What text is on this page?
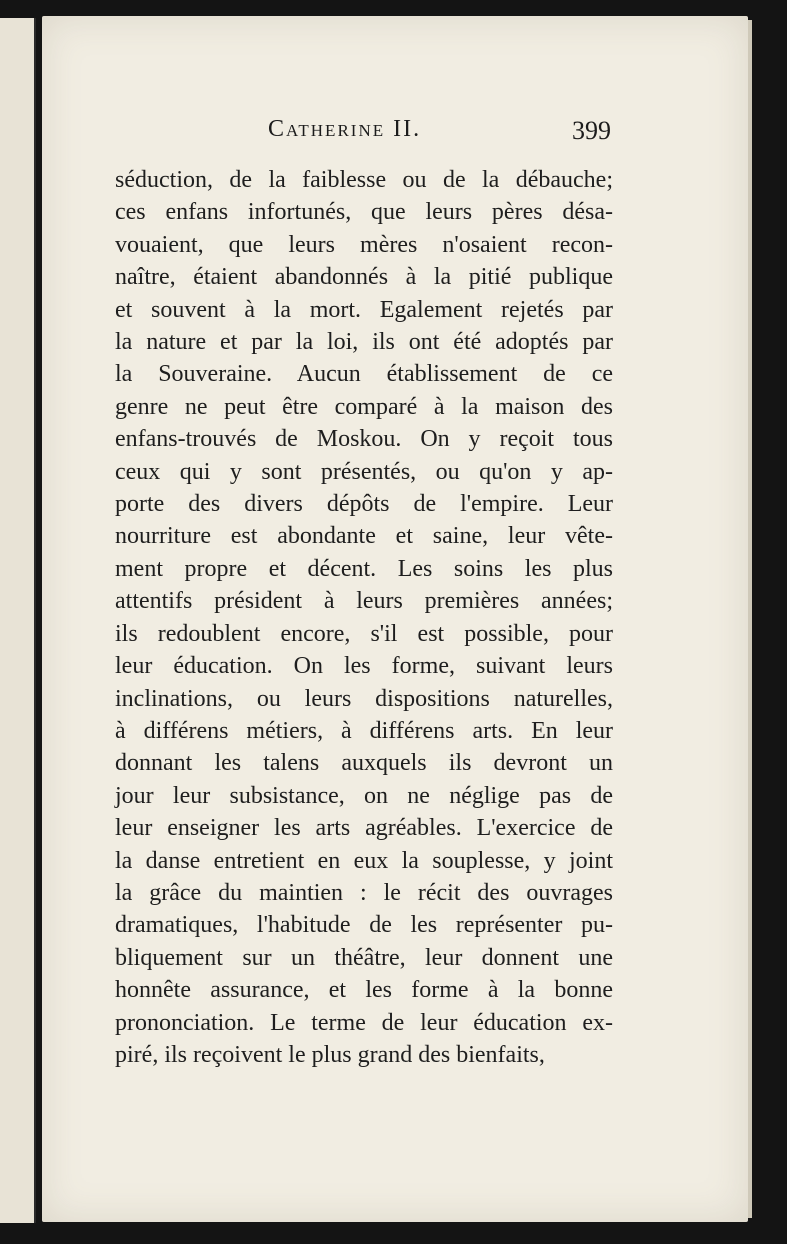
Catherine II.	399
séduction, de la faiblesse ou de la débauche;
ces enfans infortunés, que leurs pères désa-
vouaient, que leurs mères n'osaient recon-
naître, étaient abandonnés à la pitié publique
et souvent à la mort. Egalement rejetés par
la nature et par la loi, ils ont été adoptés par
la Souveraine. Aucun établissement de ce
genre ne peut être comparé à la maison des
enfans-trouvés de Moskou. On y reçoit tous
ceux qui y sont présentés, ou qu'on y ap-
porte des divers dépôts de l'empire. Leur
nourriture est abondante et saine, leur vête-
ment propre et décent. Les soins les plus
attentifs président à leurs premières années;
ils redoublent encore, s'il est possible, pour
leur éducation. On les forme, suivant leurs
inclinations, ou leurs dispositions naturelles,
à différens métiers, à différens arts. En leur
donnant les talens auxquels ils devront un
jour leur subsistance, on ne néglige pas de
leur enseigner les arts agréables. L'exercice de
la danse entretient en eux la souplesse, y joint
la grâce du maintien : le récit des ouvrages
dramatiques, l'habitude de les représenter pu-
bliquement sur un théâtre, leur donnent une
honnête assurance, et les forme à la bonne
prononciation. Le terme de leur éducation ex-
piré, ils reçoivent le plus grand des bienfaits,
